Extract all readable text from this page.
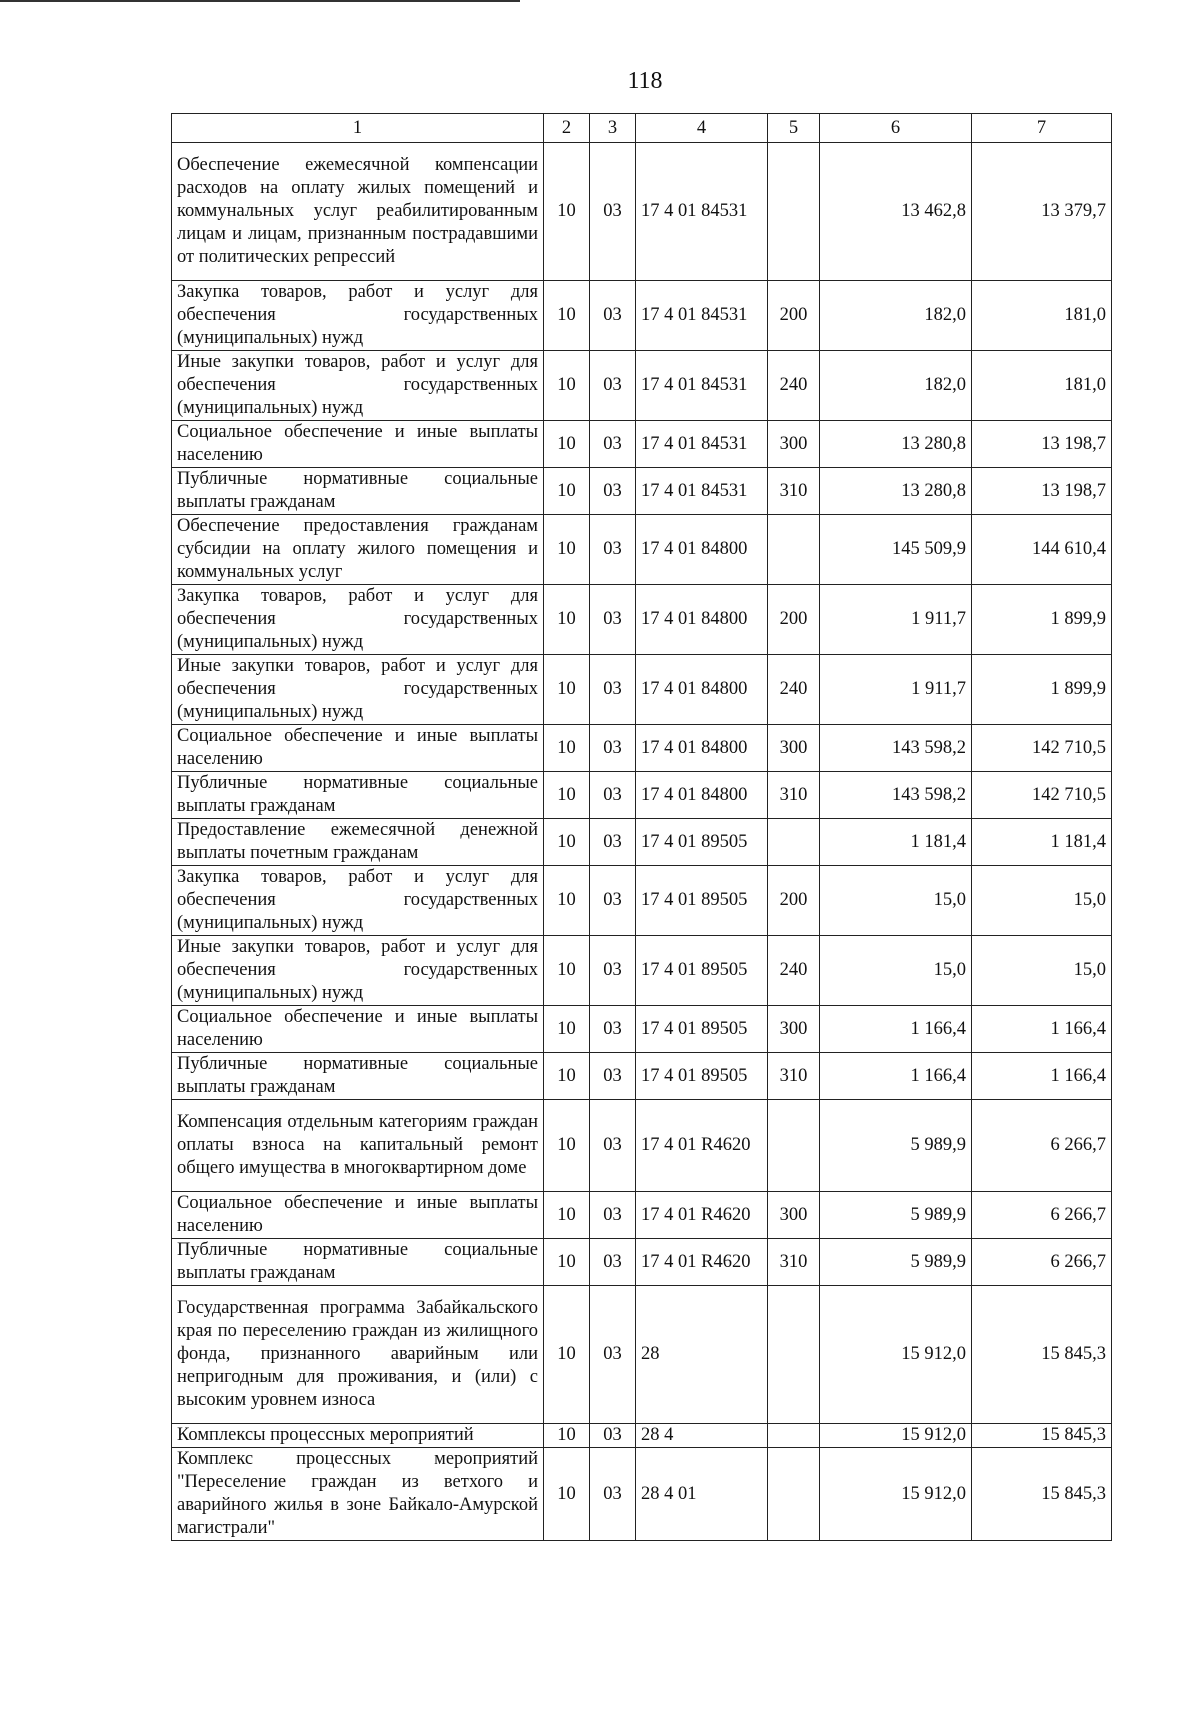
118
1	2	3	4	5	6	7
Обеспечение ежемесячной компенсации расходов на оплату жилых помещений и коммунальных услуг реабилитированным лицам и лицам, признанным пострадавшими от политических репрессий	10	03	17 4 01 84531		13 462,8	13 379,7
Закупка товаров, работ и услуг для обеспечения государственных (муниципальных) нужд	10	03	17 4 01 84531	200	182,0	181,0
Иные закупки товаров, работ и услуг для обеспечения государственных (муниципальных) нужд	10	03	17 4 01 84531	240	182,0	181,0
Социальное обеспечение и иные выплаты населению	10	03	17 4 01 84531	300	13 280,8	13 198,7
Публичные нормативные социальные выплаты гражданам	10	03	17 4 01 84531	310	13 280,8	13 198,7
Обеспечение предоставления гражданам субсидии на оплату жилого помещения и коммунальных услуг	10	03	17 4 01 84800		145 509,9	144 610,4
Закупка товаров, работ и услуг для обеспечения государственных (муниципальных) нужд	10	03	17 4 01 84800	200	1 911,7	1 899,9
Иные закупки товаров, работ и услуг для обеспечения государственных (муниципальных) нужд	10	03	17 4 01 84800	240	1 911,7	1 899,9
Социальное обеспечение и иные выплаты населению	10	03	17 4 01 84800	300	143 598,2	142 710,5
Публичные нормативные социальные выплаты гражданам	10	03	17 4 01 84800	310	143 598,2	142 710,5
Предоставление ежемесячной денежной выплаты почетным гражданам	10	03	17 4 01 89505		1 181,4	1 181,4
Закупка товаров, работ и услуг для обеспечения государственных (муниципальных) нужд	10	03	17 4 01 89505	200	15,0	15,0
Иные закупки товаров, работ и услуг для обеспечения государственных (муниципальных) нужд	10	03	17 4 01 89505	240	15,0	15,0
Социальное обеспечение и иные выплаты населению	10	03	17 4 01 89505	300	1 166,4	1 166,4
Публичные нормативные социальные выплаты гражданам	10	03	17 4 01 89505	310	1 166,4	1 166,4
Компенсация отдельным категориям граждан оплаты взноса на капитальный ремонт общего имущества в многоквартирном доме	10	03	17 4 01 R4620		5 989,9	6 266,7
Социальное обеспечение и иные выплаты населению	10	03	17 4 01 R4620	300	5 989,9	6 266,7
Публичные нормативные социальные выплаты гражданам	10	03	17 4 01 R4620	310	5 989,9	6 266,7
Государственная программа Забайкальского края по переселению граждан из жилищного фонда, признанного аварийным или непригодным для проживания, и (или) с высоким уровнем износа	10	03	28		15 912,0	15 845,3
Комплексы процессных мероприятий	10	03	28 4		15 912,0	15 845,3
Комплекс процессных мероприятий "Переселение граждан из ветхого и аварийного жилья в зоне Байкало-Амурской магистрали"	10	03	28 4 01		15 912,0	15 845,3
